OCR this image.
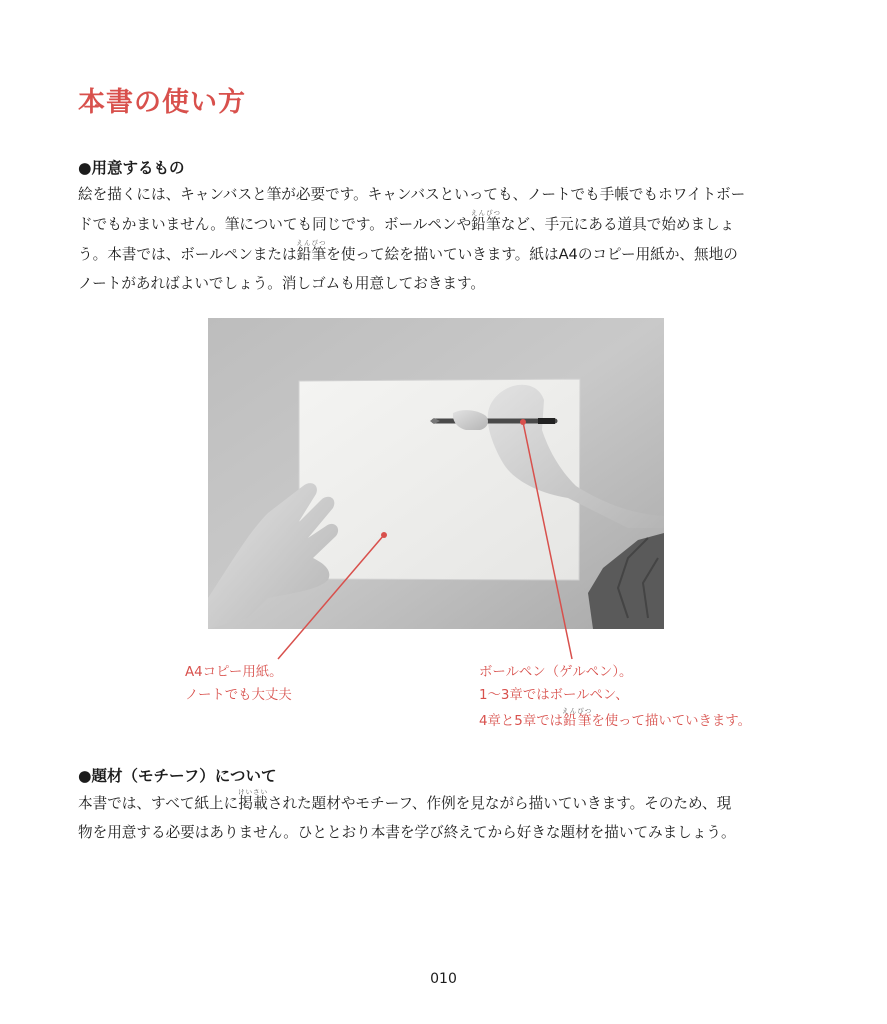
本書の使い方
●用意するもの
絵を描くには、キャンバスと筆が必要です。キャンバスといっても、ノートでも手帳でもホワイトボー
ドでもかまいません。筆についても同じです。ボールペンや鉛筆えんぴつなど、手元にある道具で始めましょ
う。本書では、ボールペンまたは鉛筆えんぴつを使って絵を描いていきます。紙はA4のコピー用紙か、無地の
ノートがあればよいでしょう。消しゴムも用意しておきます。
A4コピー用紙。
ノートでも大丈夫
ボールペン（ゲルペン）。
1～3章ではボールペン、
4章と5章では鉛筆えんぴつを使って描いていきます。
●題材（モチーフ）について
本書では、すべて紙上に掲載けいさいされた題材やモチーフ、作例を見ながら描いていきます。そのため、現
物を用意する必要はありません。ひととおり本書を学び終えてから好きな題材を描いてみましょう。
010
